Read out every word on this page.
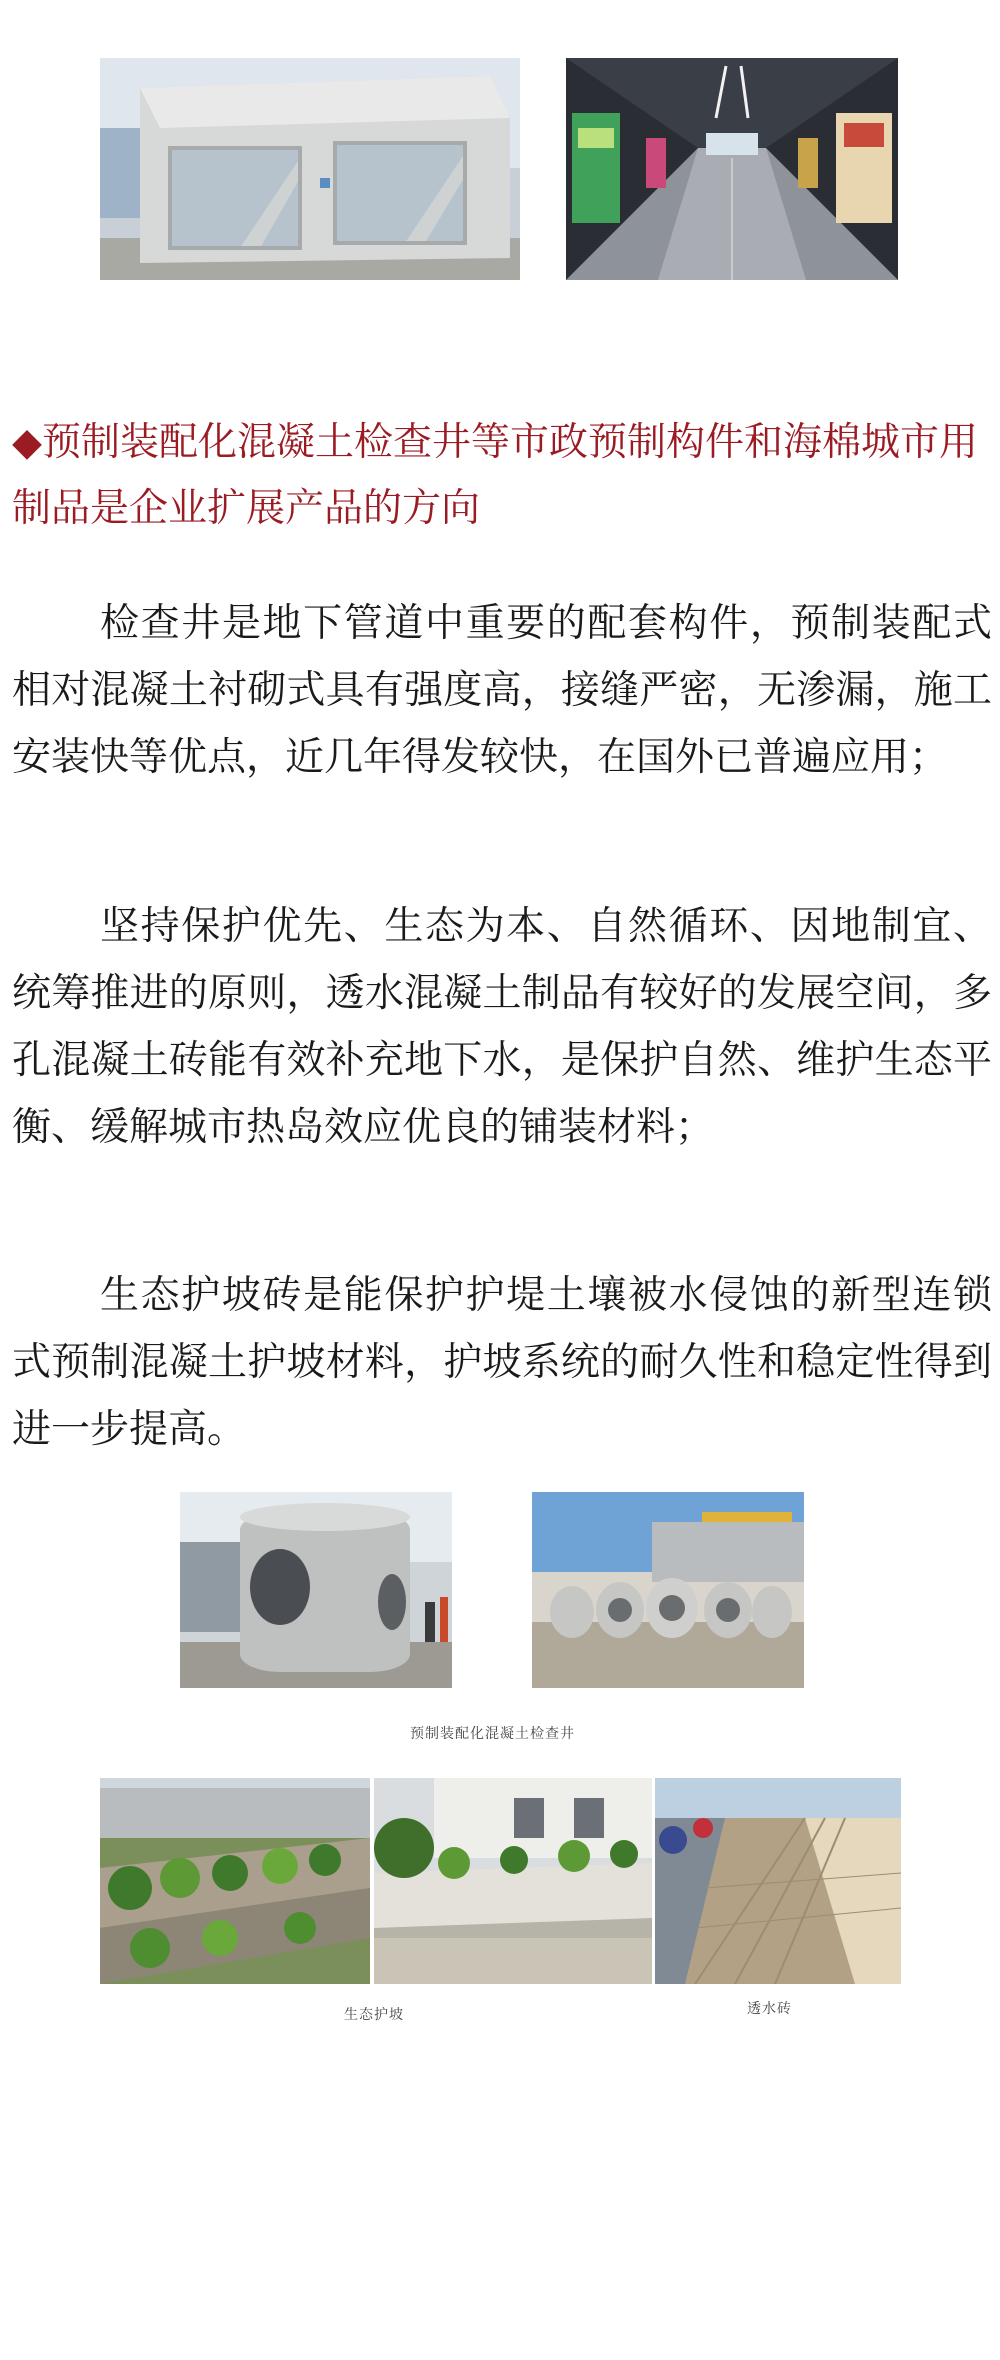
◆预制装配化混凝土检查井等市政预制构件和海棉城市用制品是企业扩展产品的方向

检查井是地下管道中重要的配套构件，预制装配式相对混凝土衬砌式具有强度高，接缝严密，无渗漏，施工安装快等优点，近几年得发较快，在国外已普遍应用；

坚持保护优先、生态为本、自然循环、因地制宜、统筹推进的原则，透水混凝土制品有较好的发展空间，多孔混凝土砖能有效补充地下水，是保护自然、维护生态平衡、缓解城市热岛效应优良的铺装材料；

生态护坡砖是能保护护堤土壤被水侵蚀的新型连锁式预制混凝土护坡材料，护坡系统的耐久性和稳定性得到进一步提高。

预制装配化混凝土检查井
生态护坡	透水砖
